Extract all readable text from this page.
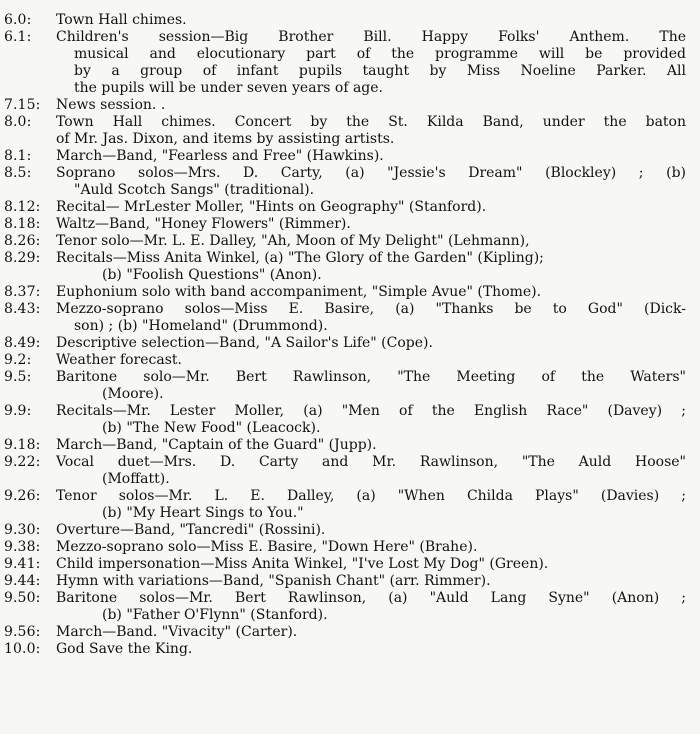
6.0:	Town Hall chimes.
6.1:	Children's session—Big Brother Bill. Happy Folks' Anthem. The
musical and elocutionary part of the programme will be provided
by a group of infant pupils taught by Miss Noeline Parker. All
the pupils will be under seven years of age.
7.15:	News session. .
8.0:	Town Hall chimes. Concert by the St. Kilda Band, under the baton
of Mr. Jas. Dixon, and items by assisting artists.
8.1:	March—Band, "Fearless and Free" (Hawkins).
8.5:	Soprano solos—Mrs. D. Carty, (a) "Jessie's Dream" (Blockley) ; (b)
"Auld Scotch Sangs" (traditional).
8.12:	Recital— MrLester Moller, "Hints on Geography" (Stanford).
8.18:	Waltz—Band, "Honey Flowers" (Rimmer).
8.26:	Tenor solo—Mr. L. E. Dalley, "Ah, Moon of My Delight" (Lehmann),
8.29:	Recitals—Miss Anita Winkel, (a) "The Glory of the Garden" (Kipling);
(b) "Foolish Questions" (Anon).
8.37:	Euphonium solo with band accompaniment, "Simple Avue" (Thome).
8.43:	Mezzo-soprano solos—Miss E. Basire, (a) "Thanks be to God" (Dick-
son) ; (b) "Homeland" (Drummond).
8.49:	Descriptive selection—Band, "A Sailor's Life" (Cope).
9.2:	Weather forecast.
9.5:	Baritone solo—Mr. Bert Rawlinson, "The Meeting of the Waters"
(Moore).
9.9:	Recitals—Mr. Lester Moller, (a) "Men of the English Race" (Davey) ;
(b) "The New Food" (Leacock).
9.18:	March—Band, "Captain of the Guard" (Jupp).
9.22:	Vocal duet—Mrs. D. Carty and Mr. Rawlinson, "The Auld Hoose"
(Moffatt).
9.26:	Tenor solos—Mr. L. E. Dalley, (a) "When Childa Plays" (Davies) ;
(b) "My Heart Sings to You."
9.30:	Overture—Band, "Tancredi" (Rossini).
9.38:	Mezzo-soprano solo—Miss E. Basire, "Down Here" (Brahe).
9.41:	Child impersonation—Miss Anita Winkel, "I've Lost My Dog" (Green).
9.44:	Hymn with variations—Band, "Spanish Chant" (arr. Rimmer).
9.50:	Baritone solos—Mr. Bert Rawlinson, (a) "Auld Lang Syne" (Anon) ;
(b) "Father O'Flynn" (Stanford).
9.56:	March—Band. "Vivacity" (Carter).
10.0:	God Save the King.
